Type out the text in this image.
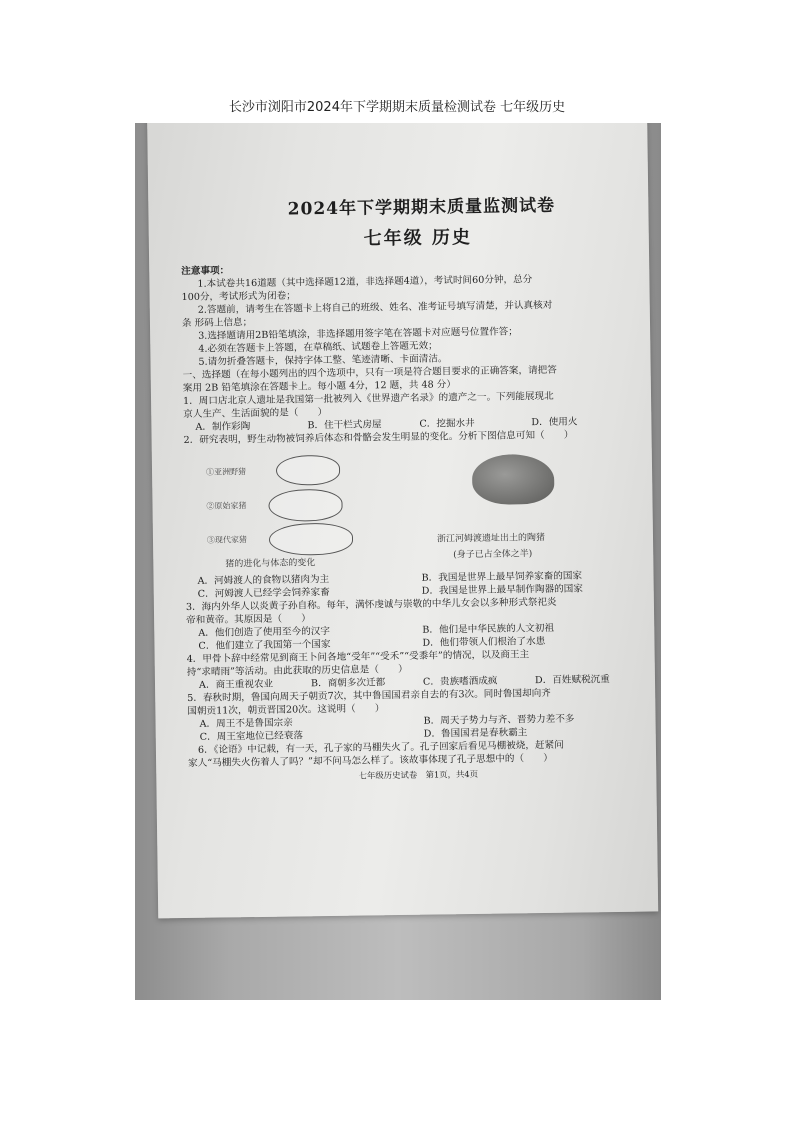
长沙市浏阳市2024年下学期期末质量检测试卷 七年级历史
2024年下学期期末质量监测试卷
七年级 历史

注意事项：

1.本试卷共16道题（其中选择题12道，非选择题4道），考试时间60分钟，总分

100分，考试形式为闭卷；

2.答题前，请考生在答题卡上将自己的班级、姓名、准考证号填写清楚，并认真核对

条 形码上信息；

3.选择题请用2B铅笔填涂，非选择题用签字笔在答题卡对应题号位置作答；

4.必须在答题卡上答题，在草稿纸、试题卷上答题无效；

5.请勿折叠答题卡，保持字体工整、笔迹清晰、卡面清洁。

一、选择题（在每小题列出的四个选项中，只有一项是符合题目要求的正确答案，请把答

案用 2B 铅笔填涂在答题卡上。每小题 4分，12 题，共 48 分）

1．周口店北京人遗址是我国第一批被列入《世界遗产名录》的遗产之一。下列能展现北

京人生产、生活面貌的是（　　）

A．制作彩陶	B．住干栏式房屋	C．挖掘水井	D．使用火

2．研究表明，野生动物被饲养后体态和骨骼会发生明显的变化。分析下图信息可知（　　）

①亚洲野猪
②原始家猪
③现代家猪
猪的进化与体态的变化
浙江河姆渡遗址出土的陶猪
(身子已占全体之半)
A．河姆渡人的食物以猪肉为主	B．我国是世界上最早饲养家畜的国家
C．河姆渡人已经学会饲养家畜	D．我国是世界上最早制作陶器的国家

3．海内外华人以炎黄子孙自称。每年，满怀虔诚与崇敬的中华儿女会以多种形式祭祀炎

帝和黄帝。其原因是（　　）

A．他们创造了使用至今的汉字	B．他们是中华民族的人文初祖
C．他们建立了我国第一个国家	D．他们带领人们根治了水患

4．甲骨卜辞中经常见到商王卜问各地“受年”“受禾”“受黍年”的情况，以及商王主

持“求晴雨”等活动。由此获取的历史信息是（　　）

A．商王重视农业	B．商朝多次迁都	C．贵族嗜酒成疯	D．百姓赋税沉重

5．春秋时期，鲁国向周天子朝贡7次，其中鲁国国君亲自去的有3次。同时鲁国却向齐

国朝贡11次，朝贡晋国20次。这说明（　　）

A．周王不是鲁国宗亲	B．周天子势力与齐、晋势力差不多
C．周王室地位已经衰落	D．鲁国国君是春秋霸主

6．《论语》中记载，有一天，孔子家的马棚失火了。孔子回家后看见马棚被烧，赶紧问

家人“马棚失火伤着人了吗？”却不问马怎么样了。该故事体现了孔子思想中的（　　）

七年级历史试卷　第1页，共4页
